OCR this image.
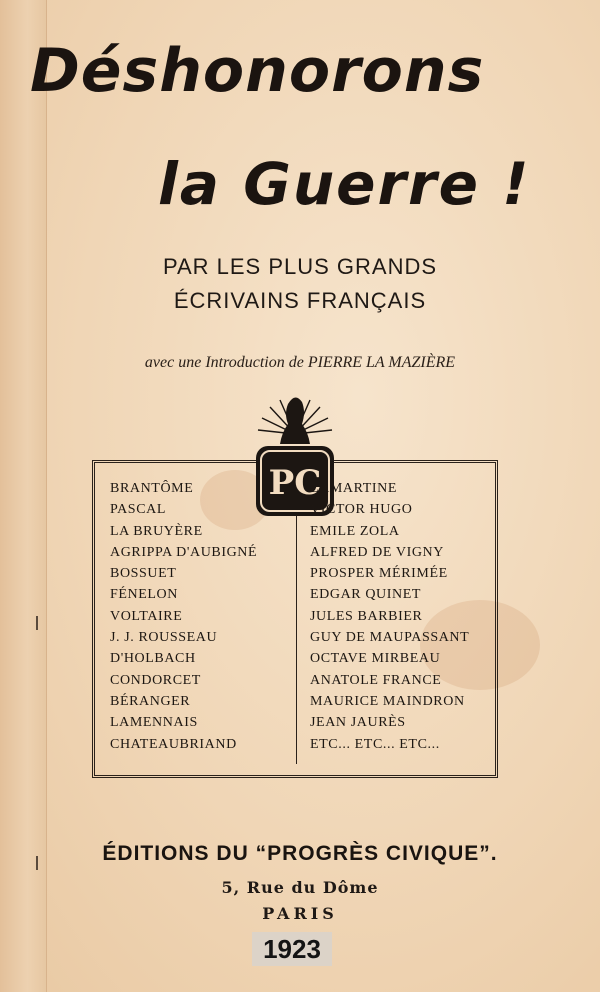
Déshonorons
la Guerre !

PAR LES PLUS GRANDS

ÉCRIVAINS FRANÇAIS

avec une Introduction de PIERRE LA MAZIÈRE

PC
BRANTÔME
PASCAL
LA BRUYÈRE
AGRIPPA D'AUBIGNÉ
BOSSUET
FÉNELON
VOLTAIRE
J. J. ROUSSEAU
D'HOLBACH
CONDORCET
BÉRANGER
LAMENNAIS
CHATEAUBRIAND
LAMARTINE
VICTOR HUGO
EMILE ZOLA
ALFRED DE VIGNY
PROSPER MÉRIMÉE
EDGAR QUINET
JULES BARBIER
GUY DE MAUPASSANT
OCTAVE MIRBEAU
ANATOLE FRANCE
MAURICE MAINDRON
JEAN JAURÈS
ETC... ETC... ETC...

ÉDITIONS DU “PROGRÈS CIVIQUE”.

5, Rue du Dôme

PARIS

1923
